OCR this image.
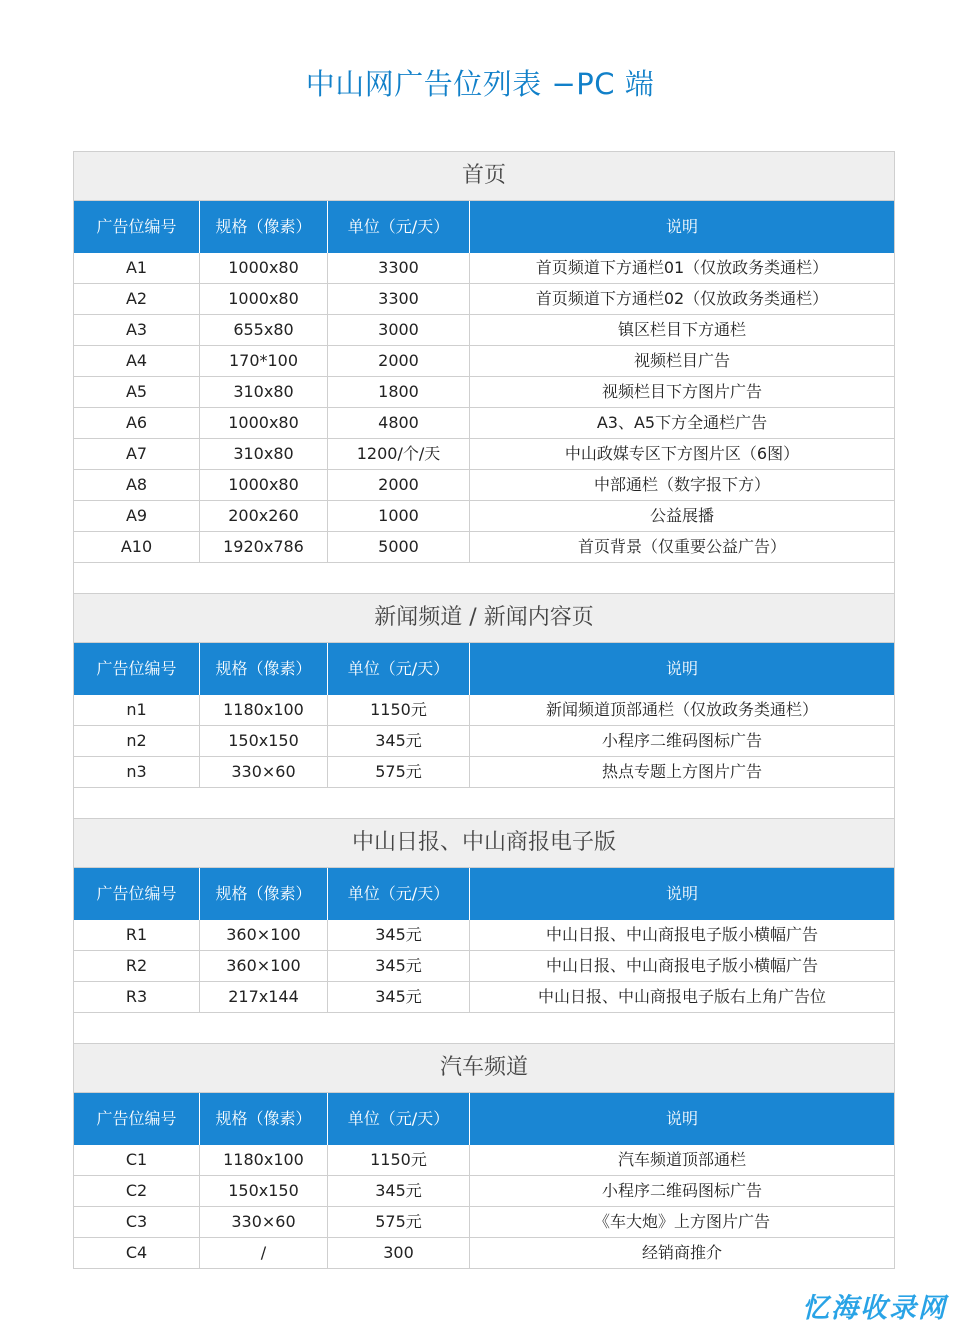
中山网广告位列表 −PC 端
首页
广告位编号	规格（像素）	单位（元/天）	说明
A1	1000x80	3300	首页频道下方通栏01（仅放政务类通栏）
A2	1000x80	3300	首页频道下方通栏02（仅放政务类通栏）
A3	655x80	3000	镇区栏目下方通栏
A4	170*100	2000	视频栏目广告
A5	310x80	1800	视频栏目下方图片广告
A6	1000x80	4800	A3、A5下方全通栏广告
A7	310x80	1200/个/天	中山政媒专区下方图片区（6图）
A8	1000x80	2000	中部通栏（数字报下方）
A9	200x260	1000	公益展播
A10	1920x786	5000	首页背景（仅重要公益广告）
新闻频道 / 新闻内容页
广告位编号	规格（像素）	单位（元/天）	说明
n1	1180x100	1150元	新闻频道顶部通栏（仅放政务类通栏）
n2	150x150	345元	小程序二维码图标广告
n3	330×60	575元	热点专题上方图片广告
中山日报、中山商报电子版
广告位编号	规格（像素）	单位（元/天）	说明
R1	360×100	345元	中山日报、中山商报电子版小横幅广告
R2	360×100	345元	中山日报、中山商报电子版小横幅广告
R3	217x144	345元	中山日报、中山商报电子版右上角广告位
汽车频道
广告位编号	规格（像素）	单位（元/天）	说明
C1	1180x100	1150元	汽车频道顶部通栏
C2	150x150	345元	小程序二维码图标广告
C3	330×60	575元	《车大炮》上方图片广告
C4	/	300	经销商推介
忆海收录网
